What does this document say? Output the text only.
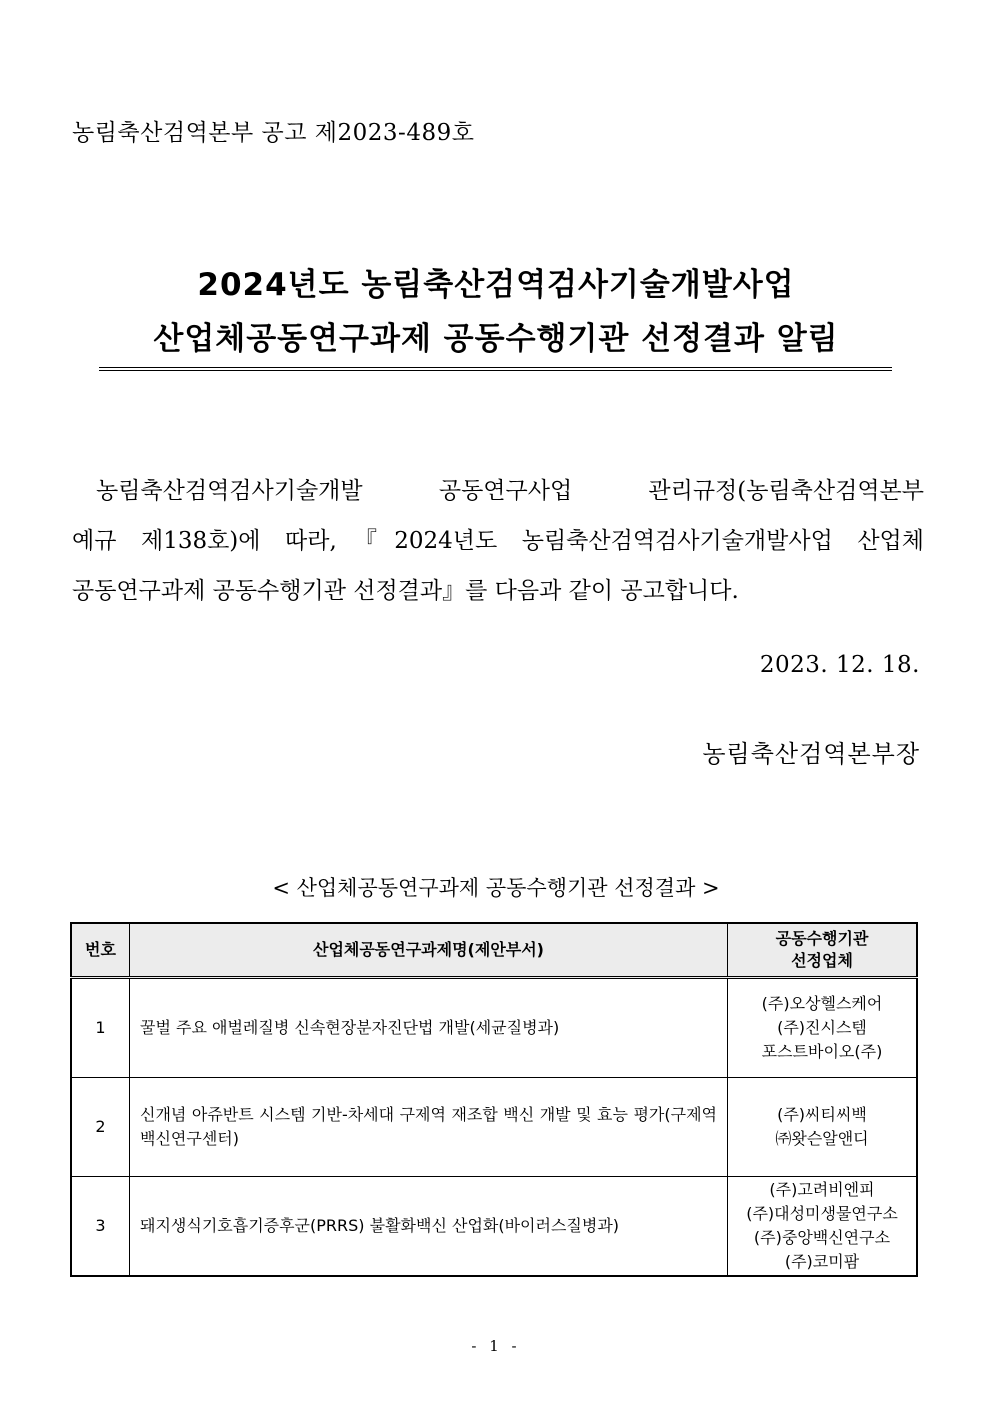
농림축산검역본부 공고 제2023-489호
2024년도 농림축산검역검사기술개발사업
산업체공동연구과제 공동수행기관 선정결과 알림
농림축산검역검사기술개발 공동연구사업 관리규정(농림축산검역본부
예규 제138호)에 따라,『2024년도 농림축산검역검사기술개발사업 산업체
공동연구과제 공동수행기관 선정결과』를 다음과 같이 공고합니다.
2023. 12. 18.
농림축산검역본부장
< 산업체공동연구과제 공동수행기관 선정결과 >
번호	산업체공동연구과제명(제안부서)	공동수행기관
선정업체

1	꿀벌 주요 애벌레질병 신속현장분자진단법 개발(세균질병과)	(주)오상헬스케어
(주)진시스템
포스트바이오(주)

2	신개념 아쥬반트 시스템 기반-차세대 구제역 재조합 백신 개발 및 효능 평가(구제역백신연구센터)	(주)씨티씨백
㈜왓슨알앤디

3	돼지생식기호흡기증후군(PRRS) 불활화백신 산업화(바이러스질병과)	(주)고려비엔피
(주)대성미생물연구소
(주)중앙백신연구소
(주)코미팜
- 1 -
